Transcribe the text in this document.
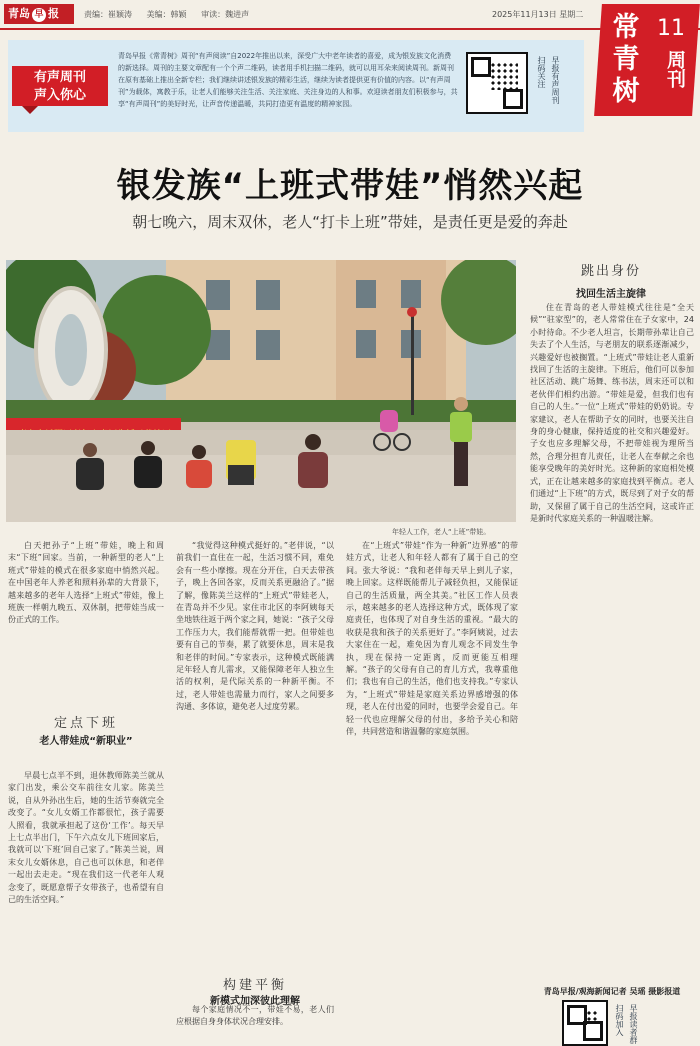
青岛 早 报	责编：崔颖涛 美编：韩颖 审读：魏进声	2025年11月13日 星期二	常青树
11
周刊
有声周刊
声入你心
青岛早报《常青树》周刊“有声阅读”自2022年推出以来，深受广大中老年读者的喜爱，成为银发族文化消费的新选择。周刊的主要文章配有一个个声二维码，读者用手机扫描二维码，就可以用耳朵来阅读周刊。新周刊在原有基础上推出全新专栏；我们继续讲述银发族的精彩生活，继续为读者提供更有价值的内容。以“有声周刊”为载体，寓教于乐，让老人们能够关注生活、关注家庭、关注身边的人和事。欢迎读者朋友们积极参与，共享“有声周刊”的美好时光，让声音传递温暖，共同打造更有温度的精神家园。
扫码关注 早报有声周刊
银发族“上班式带娃”悄然兴起
朝七晚六，周末双休，老人“打卡上班”带娃，是责任更是爱的奔赴
年轻人工作，老人“上班”带娃。
跳出身份
找回生活主旋律
住在青岛的老人带娃模式往往是“全天候”“驻家型”的，老人常常住在子女家中，24小时待命。不少老人坦言，长期带孙辈让自己失去了个人生活，与老朋友的联系逐渐减少，兴趣爱好也被搁置。“上班式”带娃让老人重新找回了生活的主旋律。下班后，他们可以参加社区活动、跳广场舞、练书法，周末还可以和老伙伴们相约出游。“带娃是爱，但我们也有自己的人生。”一位“上班式”带娃的奶奶说。专家建议，老人在帮助子女的同时，也要关注自身的身心健康，保持适度的社交和兴趣爱好。子女也应多理解父母，不把带娃视为理所当然，合理分担育儿责任，让老人在奉献之余也能享受晚年的美好时光。这种新的家庭相处模式，正在让越来越多的家庭找到平衡点。老人们通过“上下班”的方式，既尽到了对子女的帮助，又保留了属于自己的生活空间，这或许正是新时代家庭关系的一种温暖注解。
白天把孙子“上班”带娃，晚上和周末“下班”回家。当前，一种新型的老人“上班式”带娃的模式在很多家庭中悄然兴起。在中国老年人养老和照料孙辈的大背景下，越来越多的老年人选择“上班式”带娃，像上班族一样朝九晚五、双休制，把带娃当成一份正式的工作。
定点下班
老人带娃成“新职业”
早晨七点半不到，退休教师陈美兰就从家门出发，乘公交车前往女儿家。陈美兰说，自从外孙出生后，她的生活节奏就完全改变了。“女儿女婿工作都很忙，孩子需要人照看，我就承担起了这份‘工作’。每天早上七点半出门，下午六点女儿下班回家后，我就可以‘下班’回自己家了。”陈美兰说，周末女儿女婿休息，自己也可以休息，和老伴一起出去走走。“现在我们这一代老年人观念变了，既愿意帮子女带孩子，也希望有自己的生活空间。”
“我觉得这种模式挺好的。”老伴说，“以前我们一直住在一起，生活习惯不同，难免会有一些小摩擦。现在分开住，白天去带孩子，晚上各回各家，反而关系更融洽了。”据了解，像陈美兰这样的“上班式”带娃老人，在青岛并不少见。家住市北区的李阿姨每天坐地铁往返于两个家之间，她说：“孩子父母工作压力大，我们能帮就帮一把。但带娃也要有自己的节奏，累了就要休息，周末是我和老伴的时间。”专家表示，这种模式既能满足年轻人育儿需求，又能保障老年人独立生活的权利，是代际关系的一种新平衡。不过，老人带娃也需量力而行，家人之间要多沟通、多体谅，避免老人过度劳累。
构建平衡
新模式加深彼此理解
每个家庭情况不一，带娃不易，老人们应根据自身身体状况合理安排。
在“上班式”带娃“作为一种新”边界感”的带娃方式，让老人和年轻人都有了属于自己的空间。张大爷说：“我和老伴每天早上到儿子家，晚上回家。这样既能帮儿子减轻负担，又能保证自己的生活质量，两全其美。”社区工作人员表示，越来越多的老人选择这种方式，既体现了家庭责任，也体现了对自身生活的重视。“最大的收获是我和孩子的关系更好了。”李阿姨说，过去大家住在一起，难免因为育儿观念不同发生争执，现在保持一定距离，反而更能互相理解。“孩子的父母有自己的育儿方式，我尊重他们；我也有自己的生活，他们也支持我。”专家认为，“上班式”带娃是家庭关系边界感增强的体现，老人在付出爱的同时，也要学会爱自己。年轻一代也应理解父母的付出，多给予关心和陪伴，共同营造和谐温馨的家庭氛围。
青岛早报/观海新闻记者 吴瑶 摄影报道
扫码加入 早报读者群
